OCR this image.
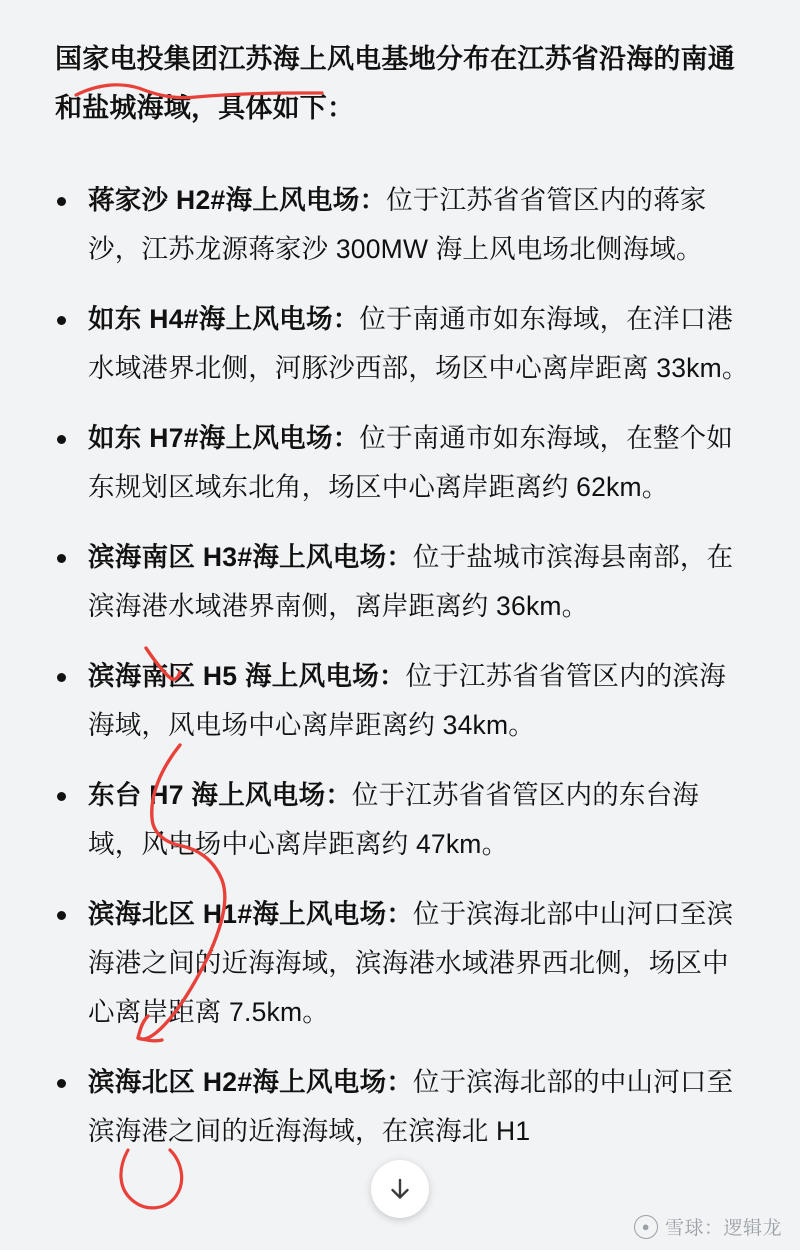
国家电投集团江苏海上风电基地分布在江苏省沿海的南通和盐城海域，具体如下：

蒋家沙 H2#海上风电场：位于江苏省省管区内的蒋家沙，江苏龙源蒋家沙 300MW 海上风电场北侧海域。
如东 H4#海上风电场：位于南通市如东海域，在洋口港水域港界北侧，河豚沙西部，场区中心离岸距离 33km。
如东 H7#海上风电场：位于南通市如东海域，在整个如东规划区域东北角，场区中心离岸距离约 62km。
滨海南区 H3#海上风电场：位于盐城市滨海县南部，在滨海港水域港界南侧，离岸距离约 36km。
滨海南区 H5 海上风电场：位于江苏省省管区内的滨海海域，风电场中心离岸距离约 34km。
东台 H7 海上风电场：位于江苏省省管区内的东台海域，风电场中心离岸距离约 47km。
滨海北区 H1#海上风电场：位于滨海北部中山河口至滨海港之间的近海海域，滨海港水域港界西北侧，场区中心离岸距离 7.5km。
滨海北区 H2#海上风电场：位于滨海北部的中山河口至滨海港之间的近海海域，在滨海北 H1
● 雪球：逻辑龙
